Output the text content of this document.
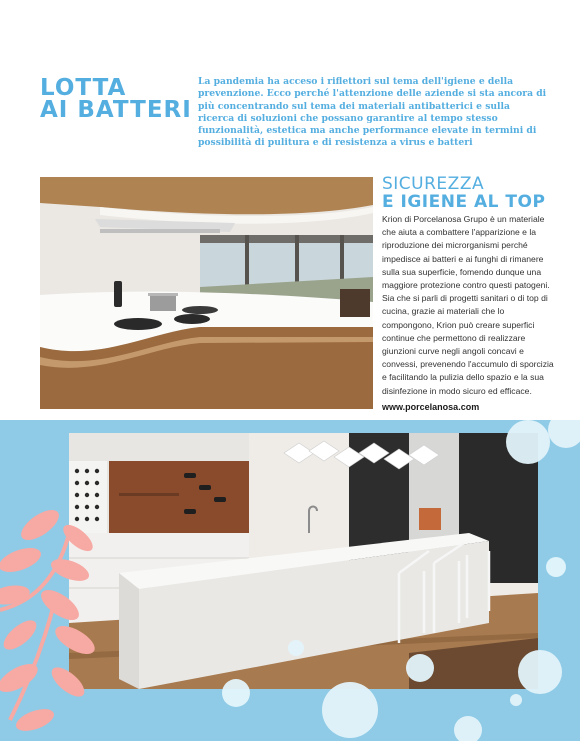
LOTTA
AI BATTERI
La pandemia ha acceso i riflettori sul tema dell'igiene e della prevenzione. Ecco perché l'attenzione delle aziende si sta ancora di più concentrando sul tema dei materiali antibatterici e sulla ricerca di soluzioni che possano garantire al tempo stesso funzionalità, estetica ma anche performance elevate in termini di possibilità di pulitura e di resistenza a virus e batteri
SICUREZZA
E IGIENE AL TOP
Krion di Porcelanosa Grupo è un materiale che aiuta a combattere l'apparizione e la riproduzione dei microrganismi perché impedisce ai batteri e ai funghi di rimanere sulla sua superficie, fomendo dunque una maggiore protezione contro questi patogeni. Sia che si parli di progetti sanitari o di top di cucina, grazie ai materiali che lo compongono, Krion può creare superfici continue che permettono di realizzare giunzioni curve negli angoli concavi e convessi, prevenendo l'accumulo di sporcizia e facilitando la pulizia dello spazio e la sua disinfezione in modo sicuro ed efficace.
www.porcelanosa.com
